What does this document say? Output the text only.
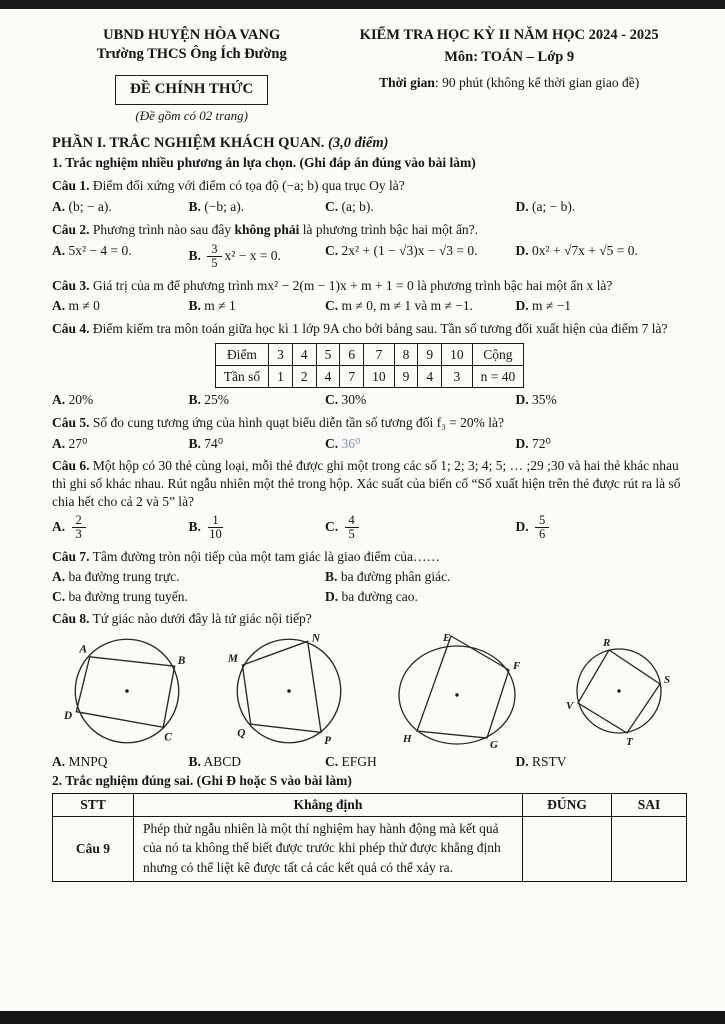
UBND HUYỆN HÒA VANG
Trường THCS Ông Ích Đường
ĐỀ CHÍNH THỨC
(Đề gồm có 02 trang)
KIỂM TRA HỌC KỲ II NĂM HỌC 2024 - 2025
Môn: TOÁN – Lớp 9
Thời gian: 90 phút (không kể thời gian giao đề)
PHẦN I. TRẮC NGHIỆM KHÁCH QUAN. (3,0 điểm)
1. Trắc nghiệm nhiều phương án lựa chọn. (Ghi đáp án đúng vào bài làm)

Câu 1. Điểm đối xứng với điểm có tọa độ (−a; b) qua trục Oy là?

A. (b; − a).	B. (−b; a).	C. (a; b).	D. (a; − b).

Câu 2. Phương trình nào sau đây không phải là phương trình bậc hai một ẩn?.

A. 5x² − 4 = 0.	B. $\frac{3}{5} x^2 - x = 0$.	C. 2x² + (1 − √3)x − √3 = 0.	D. 0x² + √7x + √5 = 0.

Câu 3. Giá trị của m để phương trình mx² − 2(m − 1)x + m + 1 = 0 là phương trình bậc hai một ẩn x là?

A. m ≠ 0	B. m ≠ 1	C. m ≠ 0, m ≠ 1 và m ≠ −1.	D. m ≠ −1

Câu 4. Điểm kiểm tra môn toán giữa học kì 1 lớp 9A cho bởi bảng sau. Tần số tương đối xuất hiện của điểm 7 là?

Điểm	3	4	5	6	7	8	9	10	Cộng
Tần số	1	2	4	7	10	9	4	3	n = 40
A. 20%	B. 25%	C. 30%	D. 35%

Câu 5. Số đo cung tương ứng của hình quạt biểu diễn tần số tương đối f₃ = 20% là?

A. 27⁰	B. 74⁰	C. 36⁰	D. 72⁰

Câu 6. Một hộp có 30 thẻ cùng loại, mỗi thẻ được ghi một trong các số 1; 2; 3; 4; 5; … ;29 ;30 và hai thẻ khác nhau thì ghi số khác nhau. Rút ngẫu nhiên một thẻ trong hộp. Xác suất của biến cố “Số xuất hiện trên thẻ được rút ra là số chia hết cho cả 2 và 5” là?

A. $\frac{2}{3}$	B. $\frac{1}{10}$	C. $\frac{4}{5}$	D. $\frac{5}{6}$

Câu 7. Tâm đường tròn nội tiếp của một tam giác là giao điểm của……

A. ba đường trung trực.	B. ba đường phân giác.
C. ba đường trung tuyến.	D. ba đường cao.

Câu 8. Tứ giác nào dưới đây là tứ giác nội tiếp?

A
B
C
D
M
N
P
Q
E
F
G
H
R
S
T
V
A. MNPQ	B. ABCD	C. EFGH	D. RSTV
2. Trắc nghiệm đúng sai. (Ghi Đ hoặc S vào bài làm)
STT	Khẳng định	ĐÚNG	SAI
Câu 9	Phép thử ngẫu nhiên là một thí nghiệm hay hành động mà kết quả của nó ta không thể biết được trước khi phép thử được khẳng định nhưng có thể liệt kê được tất cả các kết quả có thể xảy ra.		
